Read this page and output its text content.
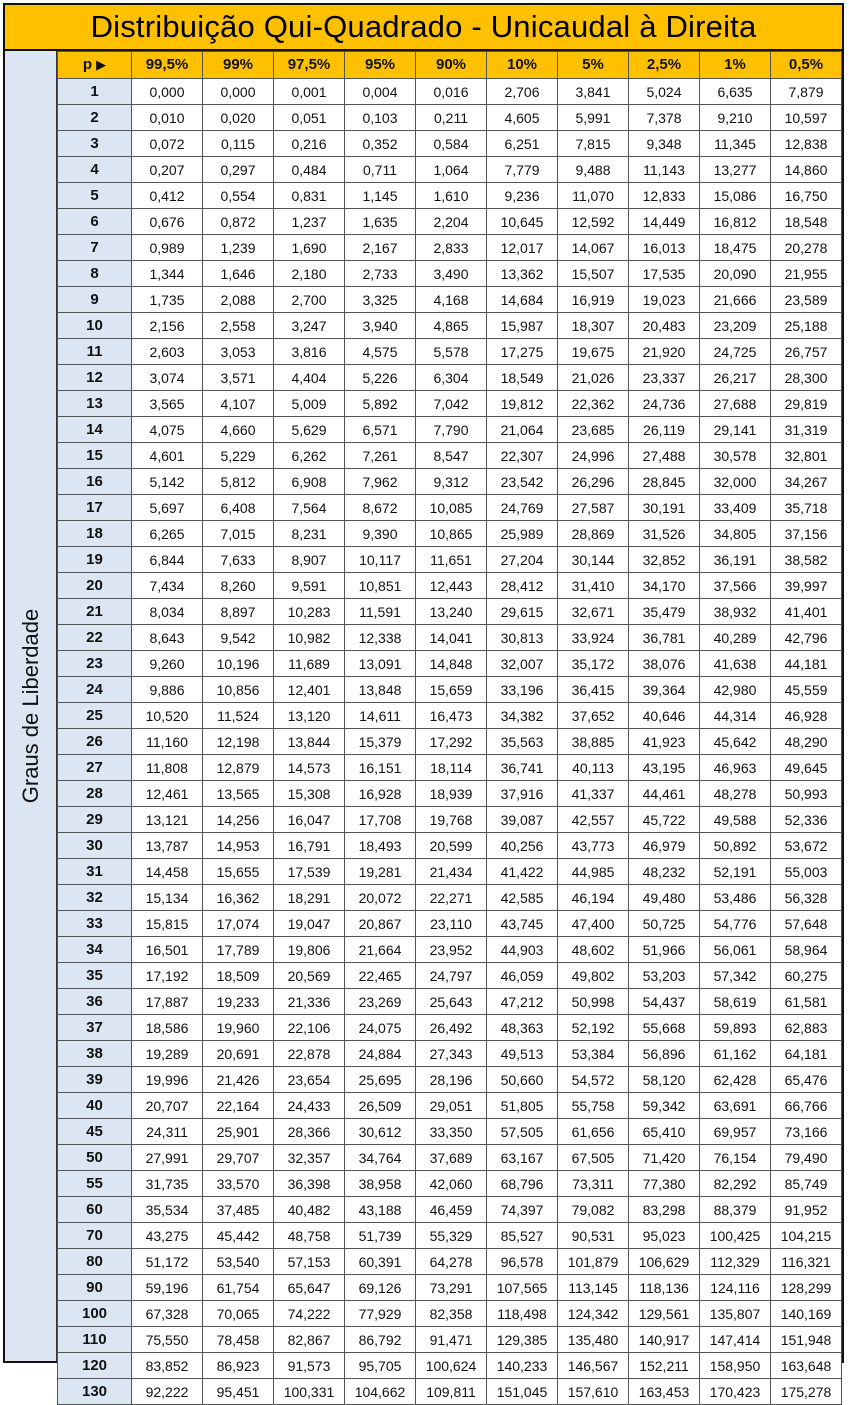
Distribuição Qui-Quadrado - Unicaudal à Direita
Graus de Liberdade
p ▶	99,5%	99%	97,5%	95%	90%	10%	5%	2,5%	1%	0,5%
1	0,000	0,000	0,001	0,004	0,016	2,706	3,841	5,024	6,635	7,879
2	0,010	0,020	0,051	0,103	0,211	4,605	5,991	7,378	9,210	10,597
3	0,072	0,115	0,216	0,352	0,584	6,251	7,815	9,348	11,345	12,838
4	0,207	0,297	0,484	0,711	1,064	7,779	9,488	11,143	13,277	14,860
5	0,412	0,554	0,831	1,145	1,610	9,236	11,070	12,833	15,086	16,750
6	0,676	0,872	1,237	1,635	2,204	10,645	12,592	14,449	16,812	18,548
7	0,989	1,239	1,690	2,167	2,833	12,017	14,067	16,013	18,475	20,278
8	1,344	1,646	2,180	2,733	3,490	13,362	15,507	17,535	20,090	21,955
9	1,735	2,088	2,700	3,325	4,168	14,684	16,919	19,023	21,666	23,589
10	2,156	2,558	3,247	3,940	4,865	15,987	18,307	20,483	23,209	25,188
11	2,603	3,053	3,816	4,575	5,578	17,275	19,675	21,920	24,725	26,757
12	3,074	3,571	4,404	5,226	6,304	18,549	21,026	23,337	26,217	28,300
13	3,565	4,107	5,009	5,892	7,042	19,812	22,362	24,736	27,688	29,819
14	4,075	4,660	5,629	6,571	7,790	21,064	23,685	26,119	29,141	31,319
15	4,601	5,229	6,262	7,261	8,547	22,307	24,996	27,488	30,578	32,801
16	5,142	5,812	6,908	7,962	9,312	23,542	26,296	28,845	32,000	34,267
17	5,697	6,408	7,564	8,672	10,085	24,769	27,587	30,191	33,409	35,718
18	6,265	7,015	8,231	9,390	10,865	25,989	28,869	31,526	34,805	37,156
19	6,844	7,633	8,907	10,117	11,651	27,204	30,144	32,852	36,191	38,582
20	7,434	8,260	9,591	10,851	12,443	28,412	31,410	34,170	37,566	39,997
21	8,034	8,897	10,283	11,591	13,240	29,615	32,671	35,479	38,932	41,401
22	8,643	9,542	10,982	12,338	14,041	30,813	33,924	36,781	40,289	42,796
23	9,260	10,196	11,689	13,091	14,848	32,007	35,172	38,076	41,638	44,181
24	9,886	10,856	12,401	13,848	15,659	33,196	36,415	39,364	42,980	45,559
25	10,520	11,524	13,120	14,611	16,473	34,382	37,652	40,646	44,314	46,928
26	11,160	12,198	13,844	15,379	17,292	35,563	38,885	41,923	45,642	48,290
27	11,808	12,879	14,573	16,151	18,114	36,741	40,113	43,195	46,963	49,645
28	12,461	13,565	15,308	16,928	18,939	37,916	41,337	44,461	48,278	50,993
29	13,121	14,256	16,047	17,708	19,768	39,087	42,557	45,722	49,588	52,336
30	13,787	14,953	16,791	18,493	20,599	40,256	43,773	46,979	50,892	53,672
31	14,458	15,655	17,539	19,281	21,434	41,422	44,985	48,232	52,191	55,003
32	15,134	16,362	18,291	20,072	22,271	42,585	46,194	49,480	53,486	56,328
33	15,815	17,074	19,047	20,867	23,110	43,745	47,400	50,725	54,776	57,648
34	16,501	17,789	19,806	21,664	23,952	44,903	48,602	51,966	56,061	58,964
35	17,192	18,509	20,569	22,465	24,797	46,059	49,802	53,203	57,342	60,275
36	17,887	19,233	21,336	23,269	25,643	47,212	50,998	54,437	58,619	61,581
37	18,586	19,960	22,106	24,075	26,492	48,363	52,192	55,668	59,893	62,883
38	19,289	20,691	22,878	24,884	27,343	49,513	53,384	56,896	61,162	64,181
39	19,996	21,426	23,654	25,695	28,196	50,660	54,572	58,120	62,428	65,476
40	20,707	22,164	24,433	26,509	29,051	51,805	55,758	59,342	63,691	66,766
45	24,311	25,901	28,366	30,612	33,350	57,505	61,656	65,410	69,957	73,166
50	27,991	29,707	32,357	34,764	37,689	63,167	67,505	71,420	76,154	79,490
55	31,735	33,570	36,398	38,958	42,060	68,796	73,311	77,380	82,292	85,749
60	35,534	37,485	40,482	43,188	46,459	74,397	79,082	83,298	88,379	91,952
70	43,275	45,442	48,758	51,739	55,329	85,527	90,531	95,023	100,425	104,215
80	51,172	53,540	57,153	60,391	64,278	96,578	101,879	106,629	112,329	116,321
90	59,196	61,754	65,647	69,126	73,291	107,565	113,145	118,136	124,116	128,299
100	67,328	70,065	74,222	77,929	82,358	118,498	124,342	129,561	135,807	140,169
110	75,550	78,458	82,867	86,792	91,471	129,385	135,480	140,917	147,414	151,948
120	83,852	86,923	91,573	95,705	100,624	140,233	146,567	152,211	158,950	163,648
130	92,222	95,451	100,331	104,662	109,811	151,045	157,610	163,453	170,423	175,278
